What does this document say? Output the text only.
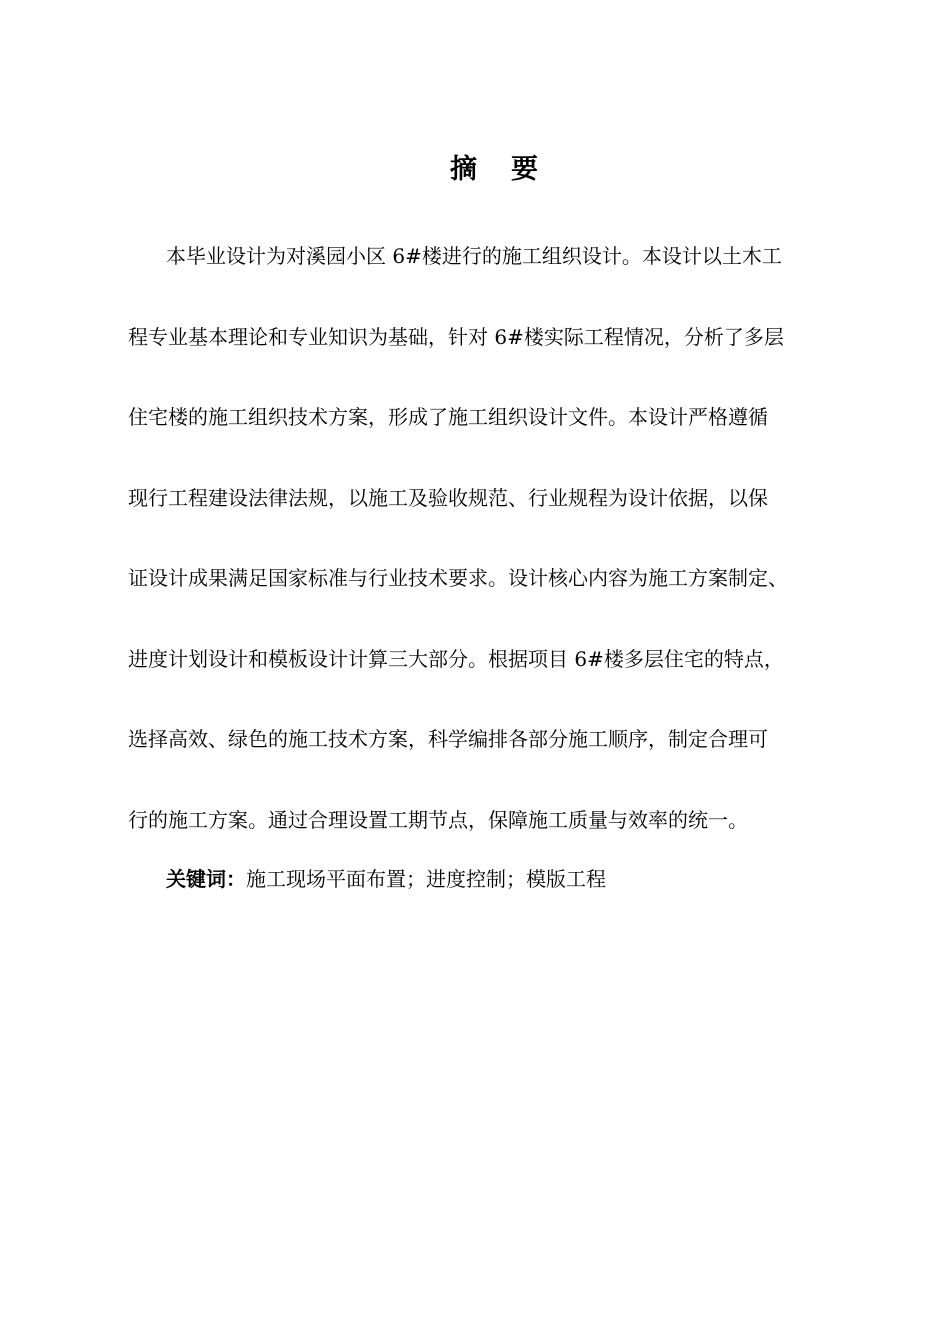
摘 要
本毕业设计为对溪园小区 6#楼进行的施工组织设计。本设计以土木工
程专业基本理论和专业知识为基础，针对 6#楼实际工程情况，分析了多层
住宅楼的施工组织技术方案，形成了施工组织设计文件。本设计严格遵循
现行工程建设法律法规，以施工及验收规范、行业规程为设计依据，以保
证设计成果满足国家标准与行业技术要求。设计核心内容为施工方案制定、
进度计划设计和模板设计计算三大部分。根据项目 6#楼多层住宅的特点，
选择高效、绿色的施工技术方案，科学编排各部分施工顺序，制定合理可
行的施工方案。通过合理设置工期节点，保障施工质量与效率的统一。
关键词：施工现场平面布置；进度控制；模版工程
